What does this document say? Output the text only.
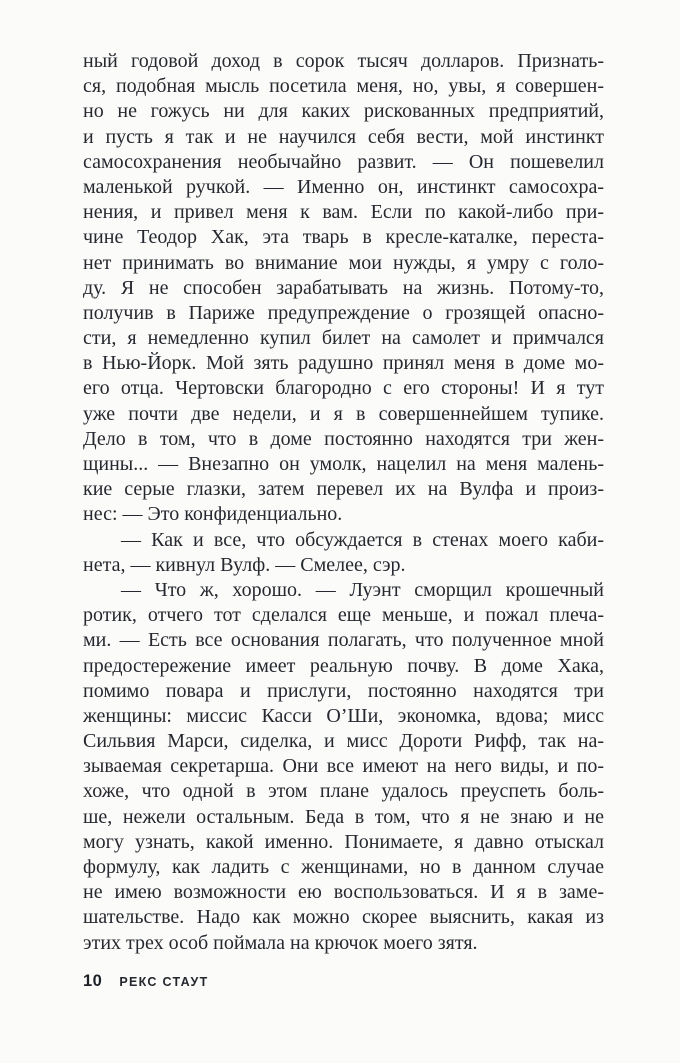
ный годовой доход в сорок тысяч долларов. Признать-
ся, подобная мысль посетила меня, но, увы, я совершен-
но не гожусь ни для каких рискованных предприятий,
и пусть я так и не научился себя вести, мой инстинкт
самосохранения необычайно развит. — Он пошевелил
маленькой ручкой. — Именно он, инстинкт самосохра-
нения, и привел меня к вам. Если по какой-либо при-
чине Теодор Хак, эта тварь в кресле-каталке, переста-
нет принимать во внимание мои нужды, я умру с голо-
ду. Я не способен зарабатывать на жизнь. Потому-то,
получив в Париже предупреждение о грозящей опасно-
сти, я немедленно купил билет на самолет и примчался
в Нью-Йорк. Мой зять радушно принял меня в доме мо-
его отца. Чертовски благородно с его стороны! И я тут
уже почти две недели, и я в совершеннейшем тупике.
Дело в том, что в доме постоянно находятся три жен-
щины... — Внезапно он умолк, нацелил на меня малень-
кие серые глазки, затем перевел их на Вулфа и произ-
нес: — Это конфиденциально.
— Как и все, что обсуждается в стенах моего каби-
нета, — кивнул Вулф. — Смелее, сэр.
— Что ж, хорошо. — Луэнт сморщил крошечный
ротик, отчего тот сделался еще меньше, и пожал плеча-
ми. — Есть все основания полагать, что полученное мной
предостережение имеет реальную почву. В доме Хака,
помимо повара и прислуги, постоянно находятся три
женщины: миссис Касси О’Ши, экономка, вдова; мисс
Сильвия Марси, сиделка, и мисс Дороти Рифф, так на-
зываемая секретарша. Они все имеют на него виды, и по-
хоже, что одной в этом плане удалось преуспеть боль-
ше, нежели остальным. Беда в том, что я не знаю и не
могу узнать, какой именно. Понимаете, я давно отыскал
формулу, как ладить с женщинами, но в данном случае
не имею возможности ею воспользоваться. И я в заме-
шательстве. Надо как можно скорее выяснить, какая из
этих трех особ поймала на крючок моего зятя.
10 РЕКС СТАУТ
